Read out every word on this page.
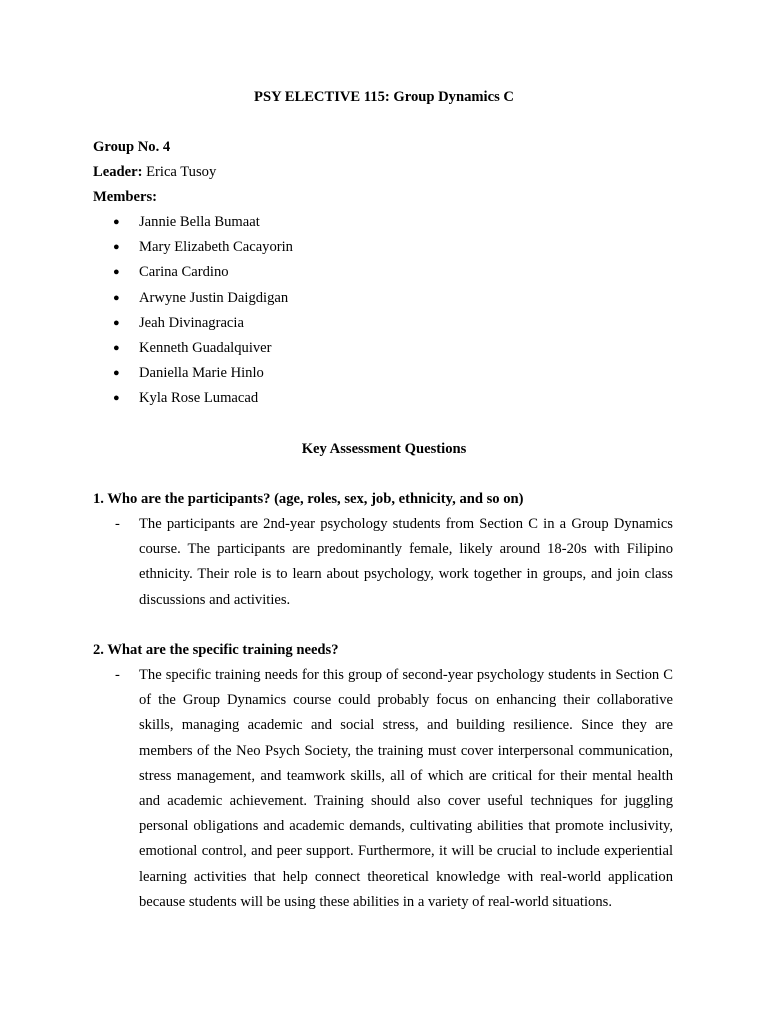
PSY ELECTIVE 115: Group Dynamics C
Group No. 4
Leader: Erica Tusoy
Members:
● Jannie Bella Bumaat
● Mary Elizabeth Cacayorin
● Carina Cardino
● Arwyne Justin Daigdigan
● Jeah Divinagracia
● Kenneth Guadalquiver
● Daniella Marie Hinlo
● Kyla Rose Lumacad
Key Assessment Questions
1. Who are the participants? (age, roles, sex, job, ethnicity, and so on)
- The participants are 2nd-year psychology students from Section C in a Group Dynamics course. The participants are predominantly female, likely around 18-20s with Filipino ethnicity. Their role is to learn about psychology, work together in groups, and join class discussions and activities.

2. What are the specific training needs?
- The specific training needs for this group of second-year psychology students in Section C of the Group Dynamics course could probably focus on enhancing their collaborative skills, managing academic and social stress, and building resilience. Since they are members of the Neo Psych Society, the training must cover interpersonal communication, stress management, and teamwork skills, all of which are critical for their mental health and academic achievement. Training should also cover useful techniques for juggling personal obligations and academic demands, cultivating abilities that promote inclusivity, emotional control, and peer support. Furthermore, it will be crucial to include experiential learning activities that help connect theoretical knowledge with real-world application because students will be using these abilities in a variety of real-world situations.
